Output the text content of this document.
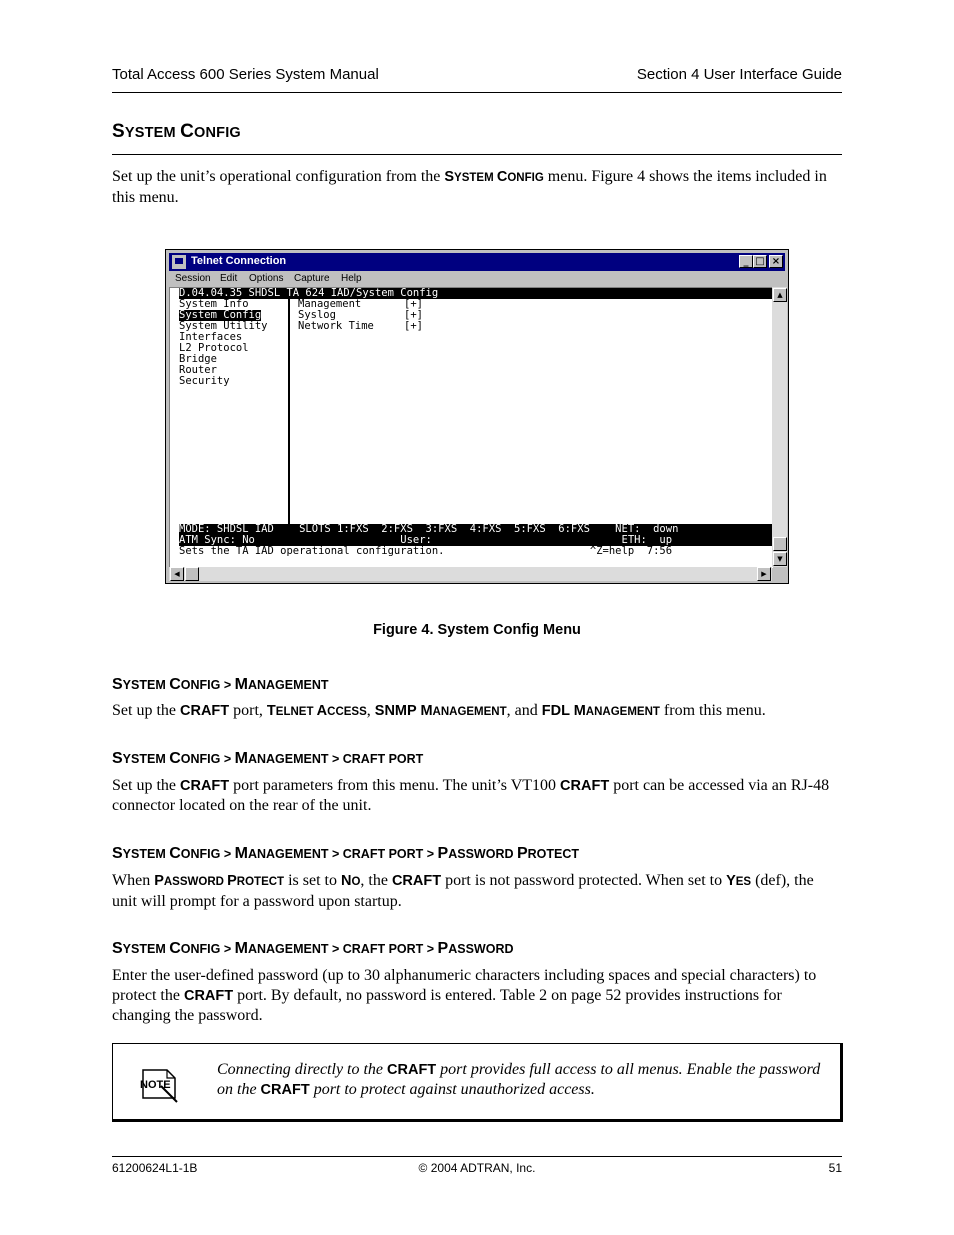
Total Access 600 Series System Manual	Section 4 User Interface Guide
SYSTEM CONFIG
Set up the unit’s operational configuration from the SYSTEM CONFIG menu. Figure 4 shows the items included in this menu.
Telnet Connection	_ □ ×
Session Edit Options Capture Help
D.04.04.35 SHDSL TA 624 IAD/System Config
System Info
System Config
System Utility
Interfaces
L2 Protocol
Bridge
Router
Security
Management	[+]
Syslog	[+]
Network Time	[+]
MODE: SHDSL IAD    SLOTS 1:FXS  2:FXS  3:FXS  4:FXS  5:FXS  6:FXS    NET:  down
ATM Sync: No                       User:                              ETH:  up
Sets the TA IAD operational configuration.                       ^Z=help  7:56
▲
▼
◀	▶
Figure 4. System Config Menu
SYSTEM CONFIG > MANAGEMENT
Set up the CRAFT port, TELNET ACCESS, SNMP MANAGEMENT, and FDL MANAGEMENT from this menu.
SYSTEM CONFIG > MANAGEMENT > CRAFT PORT
Set up the CRAFT port parameters from this menu. The unit’s VT100 CRAFT port can be accessed via an RJ-48 connector located on the rear of the unit.
SYSTEM CONFIG > MANAGEMENT > CRAFT PORT > PASSWORD PROTECT
When PASSWORD PROTECT is set to NO, the CRAFT port is not password protected. When set to YES (def), the unit will prompt for a password upon startup.
SYSTEM CONFIG > MANAGEMENT > CRAFT PORT > PASSWORD
Enter the user-defined password (up to 30 alphanumeric characters including spaces and special characters) to protect the CRAFT port. By default, no password is entered. Table 2 on page 52 provides instructions for changing the password.
NOTE
Connecting directly to the CRAFT port provides full access to all menus. Enable the password on the CRAFT port to protect against unauthorized access.
61200624L1-1B	© 2004 ADTRAN, Inc.	51
